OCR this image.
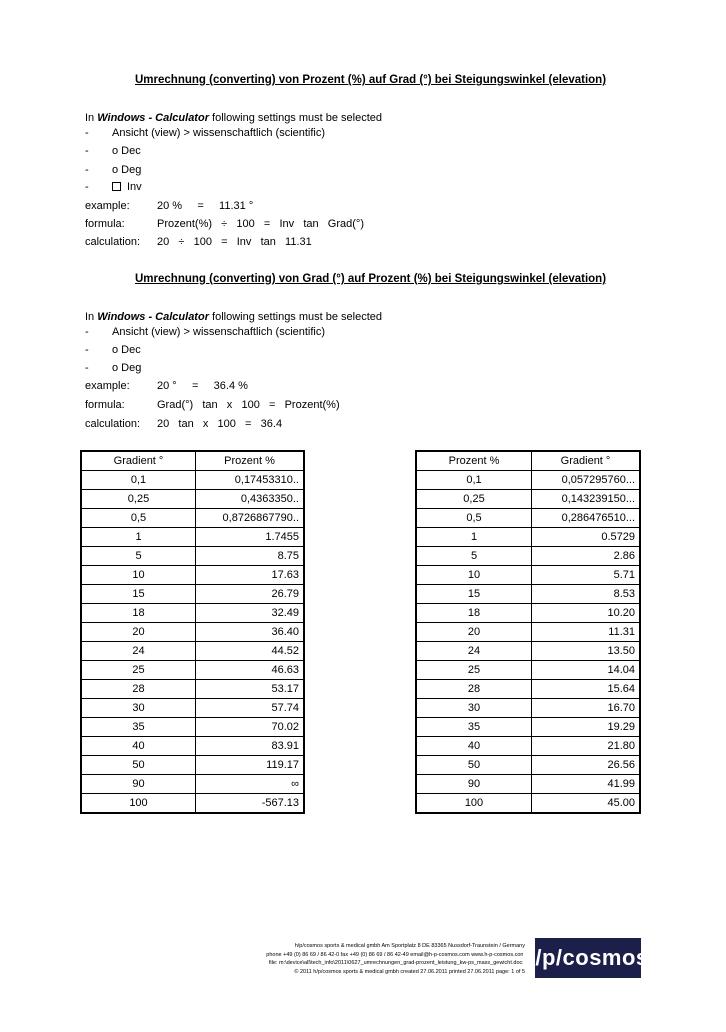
Umrechnung (converting) von Prozent (%) auf Grad (°) bei Steigungswinkel (elevation)
In Windows - Calculator following settings must be selected
- Ansicht (view) > wissenschaftlich (scientific)
- o Dec
- o Deg
-	Inv
example: 20 %     =     11.31 °
formula:	Prozent(%)   ÷   100   =   Inv   tan   Grad(°)
calculation: 20   ÷   100   =   Inv   tan   11.31
Umrechnung (converting) von Grad (°) auf Prozent (%) bei Steigungswinkel (elevation)
In Windows - Calculator following settings must be selected
- Ansicht (view) > wissenschaftlich (scientific)
- o Dec
- o Deg
example: 20 °     =     36.4 %
formula:	Grad(°)   tan   x   100   =   Prozent(%)
calculation: 20   tan   x   100   =   36.4
Gradient °	Prozent %
0,1	0,17453310..
0,25	0,4363350..
0,5	0,8726867790..
1	1.7455
5	8.75
10	17.63
15	26.79
18	32.49
20	36.40
24	44.52
25	46.63
28	53.17
30	57.74
35	70.02
40	83.91
50	119.17
90	∞
100	-567.13
Prozent %	Gradient °
0,1	0,057295760...
0,25	0,143239150...
0,5	0,286476510...
1	0.5729
5	2.86
10	5.71
15	8.53
18	10.20
20	11.31
24	13.50
25	14.04
28	15.64
30	16.70
35	19.29
40	21.80
50	26.56
90	41.99
100	45.00
h/p/cosmos sports & medical gmbh Am Sportplatz 8 DE 83365 Nussdorf-Traunstein / Germany
phone +49 (0) 86 69 / 86 42-0 fax +49 (0) 86 69 / 86 42-49 email@h-p-cosmos.com www.h-p-cosmos.com
file: m:\device\all\tech_info\2011\0627_umrechnungen_grad-prozent_leistung_kw-ps_mass_gewicht.docx
© 2011 h/p/cosmos sports & medical gmbh created 27.06.2011 printed 27.06.2011 page: 1 of 5
h/p/cosmos ®
